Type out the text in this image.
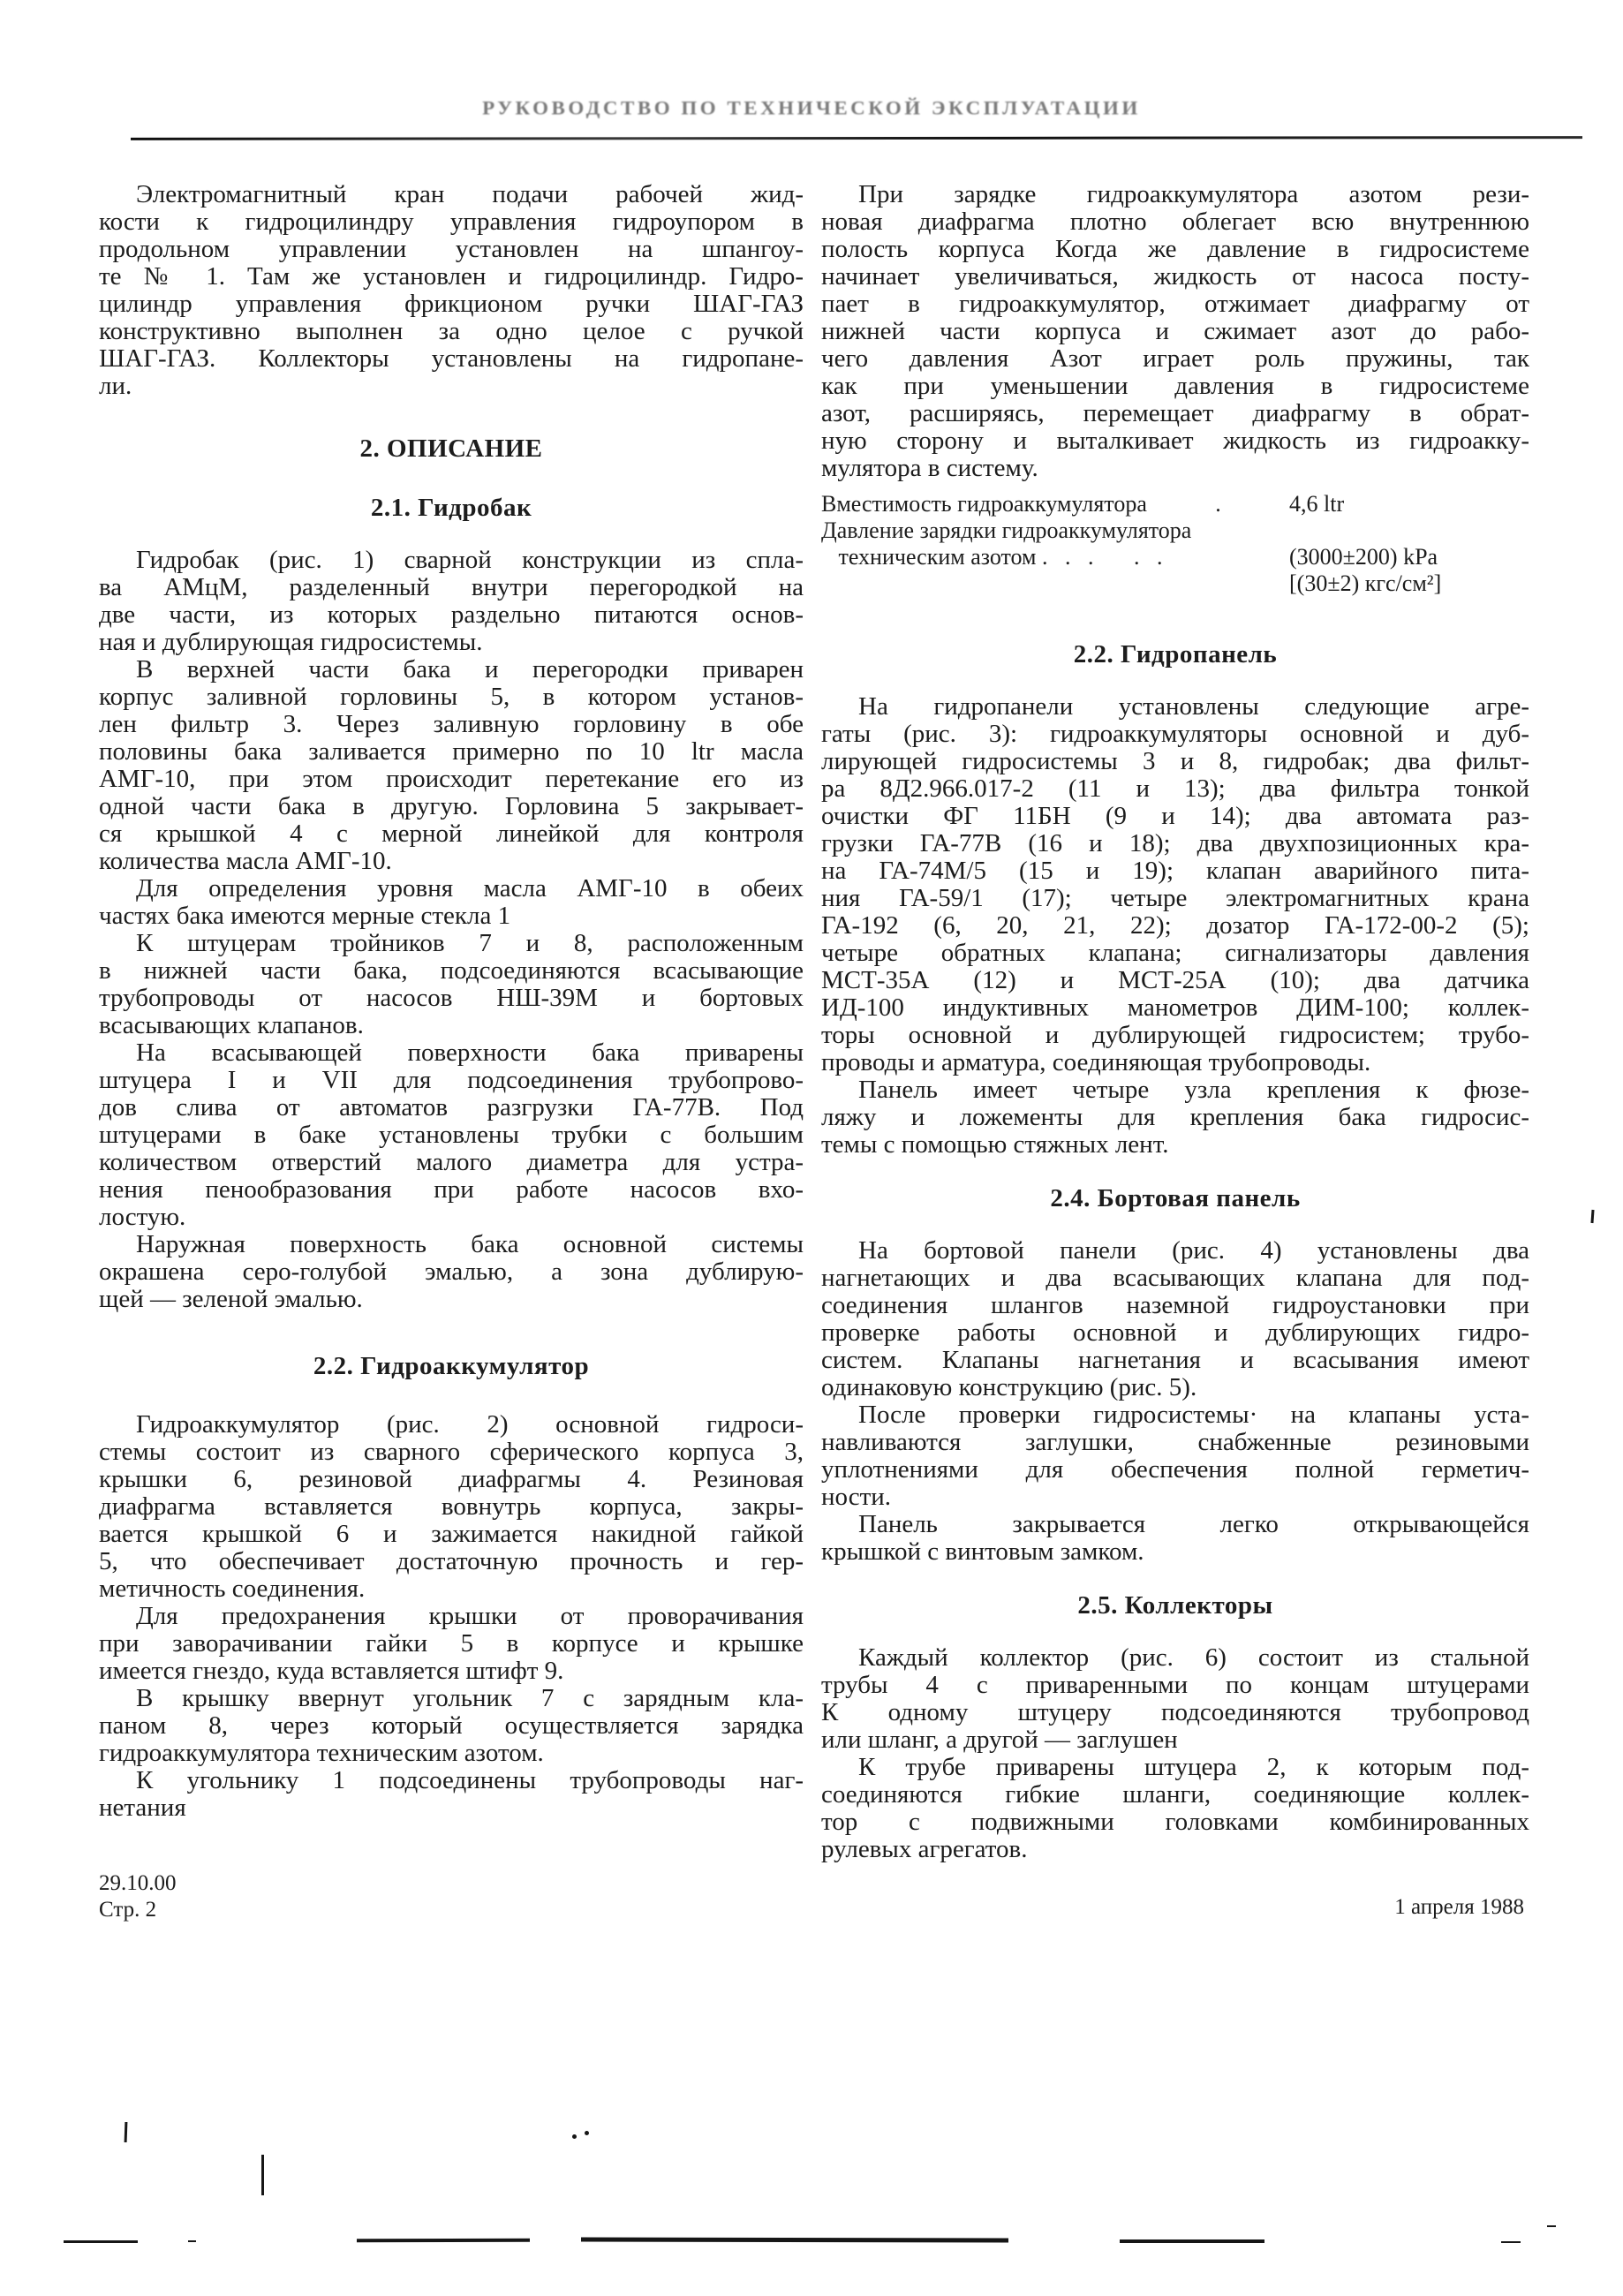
РУКОВОДСТВО ПО ТЕХНИЧЕСКОЙ ЭКСПЛУАТАЦИИ
Электромагнитный кран подачи рабочей жид-
кости к гидроцилиндру управления гидроупором в
продольном управлении установлен на шпангоу-
те № 1. Там же установлен и гидроцилиндр. Гидро-
цилиндр управления фрикционом ручки ШАГ-ГАЗ
конструктивно выполнен за одно целое с ручкой
ШАГ-ГАЗ. Коллекторы установлены на гидропане-
ли.
2. ОПИСАНИЕ
2.1. Гидробак
Гидробак (рис. 1) сварной конструкции из спла-
ва АМцМ, разделенный внутри перегородкой на
две части, из которых раздельно питаются основ-
ная и дублирующая гидросистемы.
В верхней части бака и перегородки приварен
корпус заливной горловины 5, в котором установ-
лен фильтр 3. Через заливную горловину в обе
половины бака заливается примерно по 10 ltr масла
АМГ-10, при этом происходит перетекание его из
одной части бака в другую. Горловина 5 закрывает-
ся крышкой 4 с мерной линейкой для контроля
количества масла АМГ-10.
Для определения уровня масла АМГ-10 в обеих
частях бака имеются мерные стекла 1
К штуцерам тройников 7 и 8, расположенным
в нижней части бака, подсоединяются всасывающие
трубопроводы от насосов НШ-39М и бортовых
всасывающих клапанов.
На всасывающей поверхности бака приварены
штуцера I и VII для подсоединения трубопрово-
дов слива от автоматов разгрузки ГА-77В. Под
штуцерами в баке установлены трубки с большим
количеством отверстий малого диаметра для устра-
нения пенообразования при работе насосов вхо-
лостую.
Наружная поверхность бака основной системы
окрашена серо-голубой эмалью, а зона дублирую-
щей — зеленой эмалью.
2.2. Гидроаккумулятор
Гидроаккумулятор (рис. 2) основной гидроси-
стемы состоит из сварного сферического корпуса 3,
крышки 6, резиновой диафрагмы 4. Резиновая
диафрагма вставляется вовнутрь корпуса, закры-
вается крышкой 6 и зажимается накидной гайкой
5, что обеспечивает достаточную прочность и гер-
метичность соединения.
Для предохранения крышки от проворачивания
при заворачивании гайки 5 в корпусе и крышке
имеется гнездо, куда вставляется штифт 9.
В крышку ввернут угольник 7 с зарядным кла-
паном 8, через который осуществляется зарядка
гидроаккумулятора техническим азотом.
К угольнику 1 подсоединены трубопроводы наг-
нетания
При зарядке гидроаккумулятора азотом рези-
новая диафрагма плотно облегает всю внутреннюю
полость корпуса Когда же давление в гидросистеме
начинает увеличиваться, жидкость от насоса посту-
пает в гидроаккумулятор, отжимает диафрагму от
нижней части корпуса и сжимает азот до рабо-
чего давления Азот играет роль пружины, так
как при уменьшении давления в гидросистеме
азот, расширяясь, перемещает диафрагму в обрат-
ную сторону и выталкивает жидкость из гидроакку-
мулятора в систему.
Вместимость гидроаккумулятора	.	4,6 ltr
Давление зарядки гидроаккумулятора
техническим азотом .   .   .       .   .	(3000±200) kPa
[(30±2) кгс/см²]
2.2. Гидропанель
На гидропанели установлены следующие агре-
гаты (рис. 3): гидроаккумуляторы основной и дуб-
лирующей гидросистемы 3 и 8, гидробак; два фильт-
ра 8Д2.966.017-2 (11 и 13); два фильтра тонкой
очистки ФГ 11БН (9 и 14); два автомата раз-
грузки ГА-77В (16 и 18); два двухпозиционных кра-
на ГА-74М/5 (15 и 19); клапан аварийного пита-
ния ГА-59/1 (17); четыре электромагнитных крана
ГА-192 (6, 20, 21, 22); дозатор ГА-172-00-2 (5);
четыре обратных клапана; сигнализаторы давления
МСТ-35А (12) и МСТ-25А (10); два датчика
ИД-100 индуктивных манометров ДИМ-100; коллек-
торы основной и дублирующей гидросистем; трубо-
проводы и арматура, соединяющая трубопроводы.
Панель имеет четыре узла крепления к фюзе-
ляжу и ложементы для крепления бака гидросис-
темы с помощью стяжных лент.
2.4. Бортовая панель
На бортовой панели (рис. 4) установлены два
нагнетающих и два всасывающих клапана для под-
соединения шлангов наземной гидроустановки при
проверке работы основной и дублирующих гидро-
систем. Клапаны нагнетания и всасывания имеют
одинаковую конструкцию (рис. 5).
После проверки гидросистемы· на клапаны уста-
навливаются заглушки, снабженные резиновыми
уплотнениями для обеспечения полной герметич-
ности.
Панель закрывается легко открывающейся
крышкой с винтовым замком.
2.5. Коллекторы
Каждый коллектор (рис. 6) состоит из стальной
трубы 4 с приваренными по концам штуцерами
К одному штуцеру подсоединяются трубопровод
или шланг, а другой — заглушен
К трубе приварены штуцера 2, к которым под-
соединяются гибкие шланги, соединяющие коллек-
тор с подвижными головками комбинированных
рулевых агрегатов.
29.10.00
Стр. 2	1 апреля 1988
